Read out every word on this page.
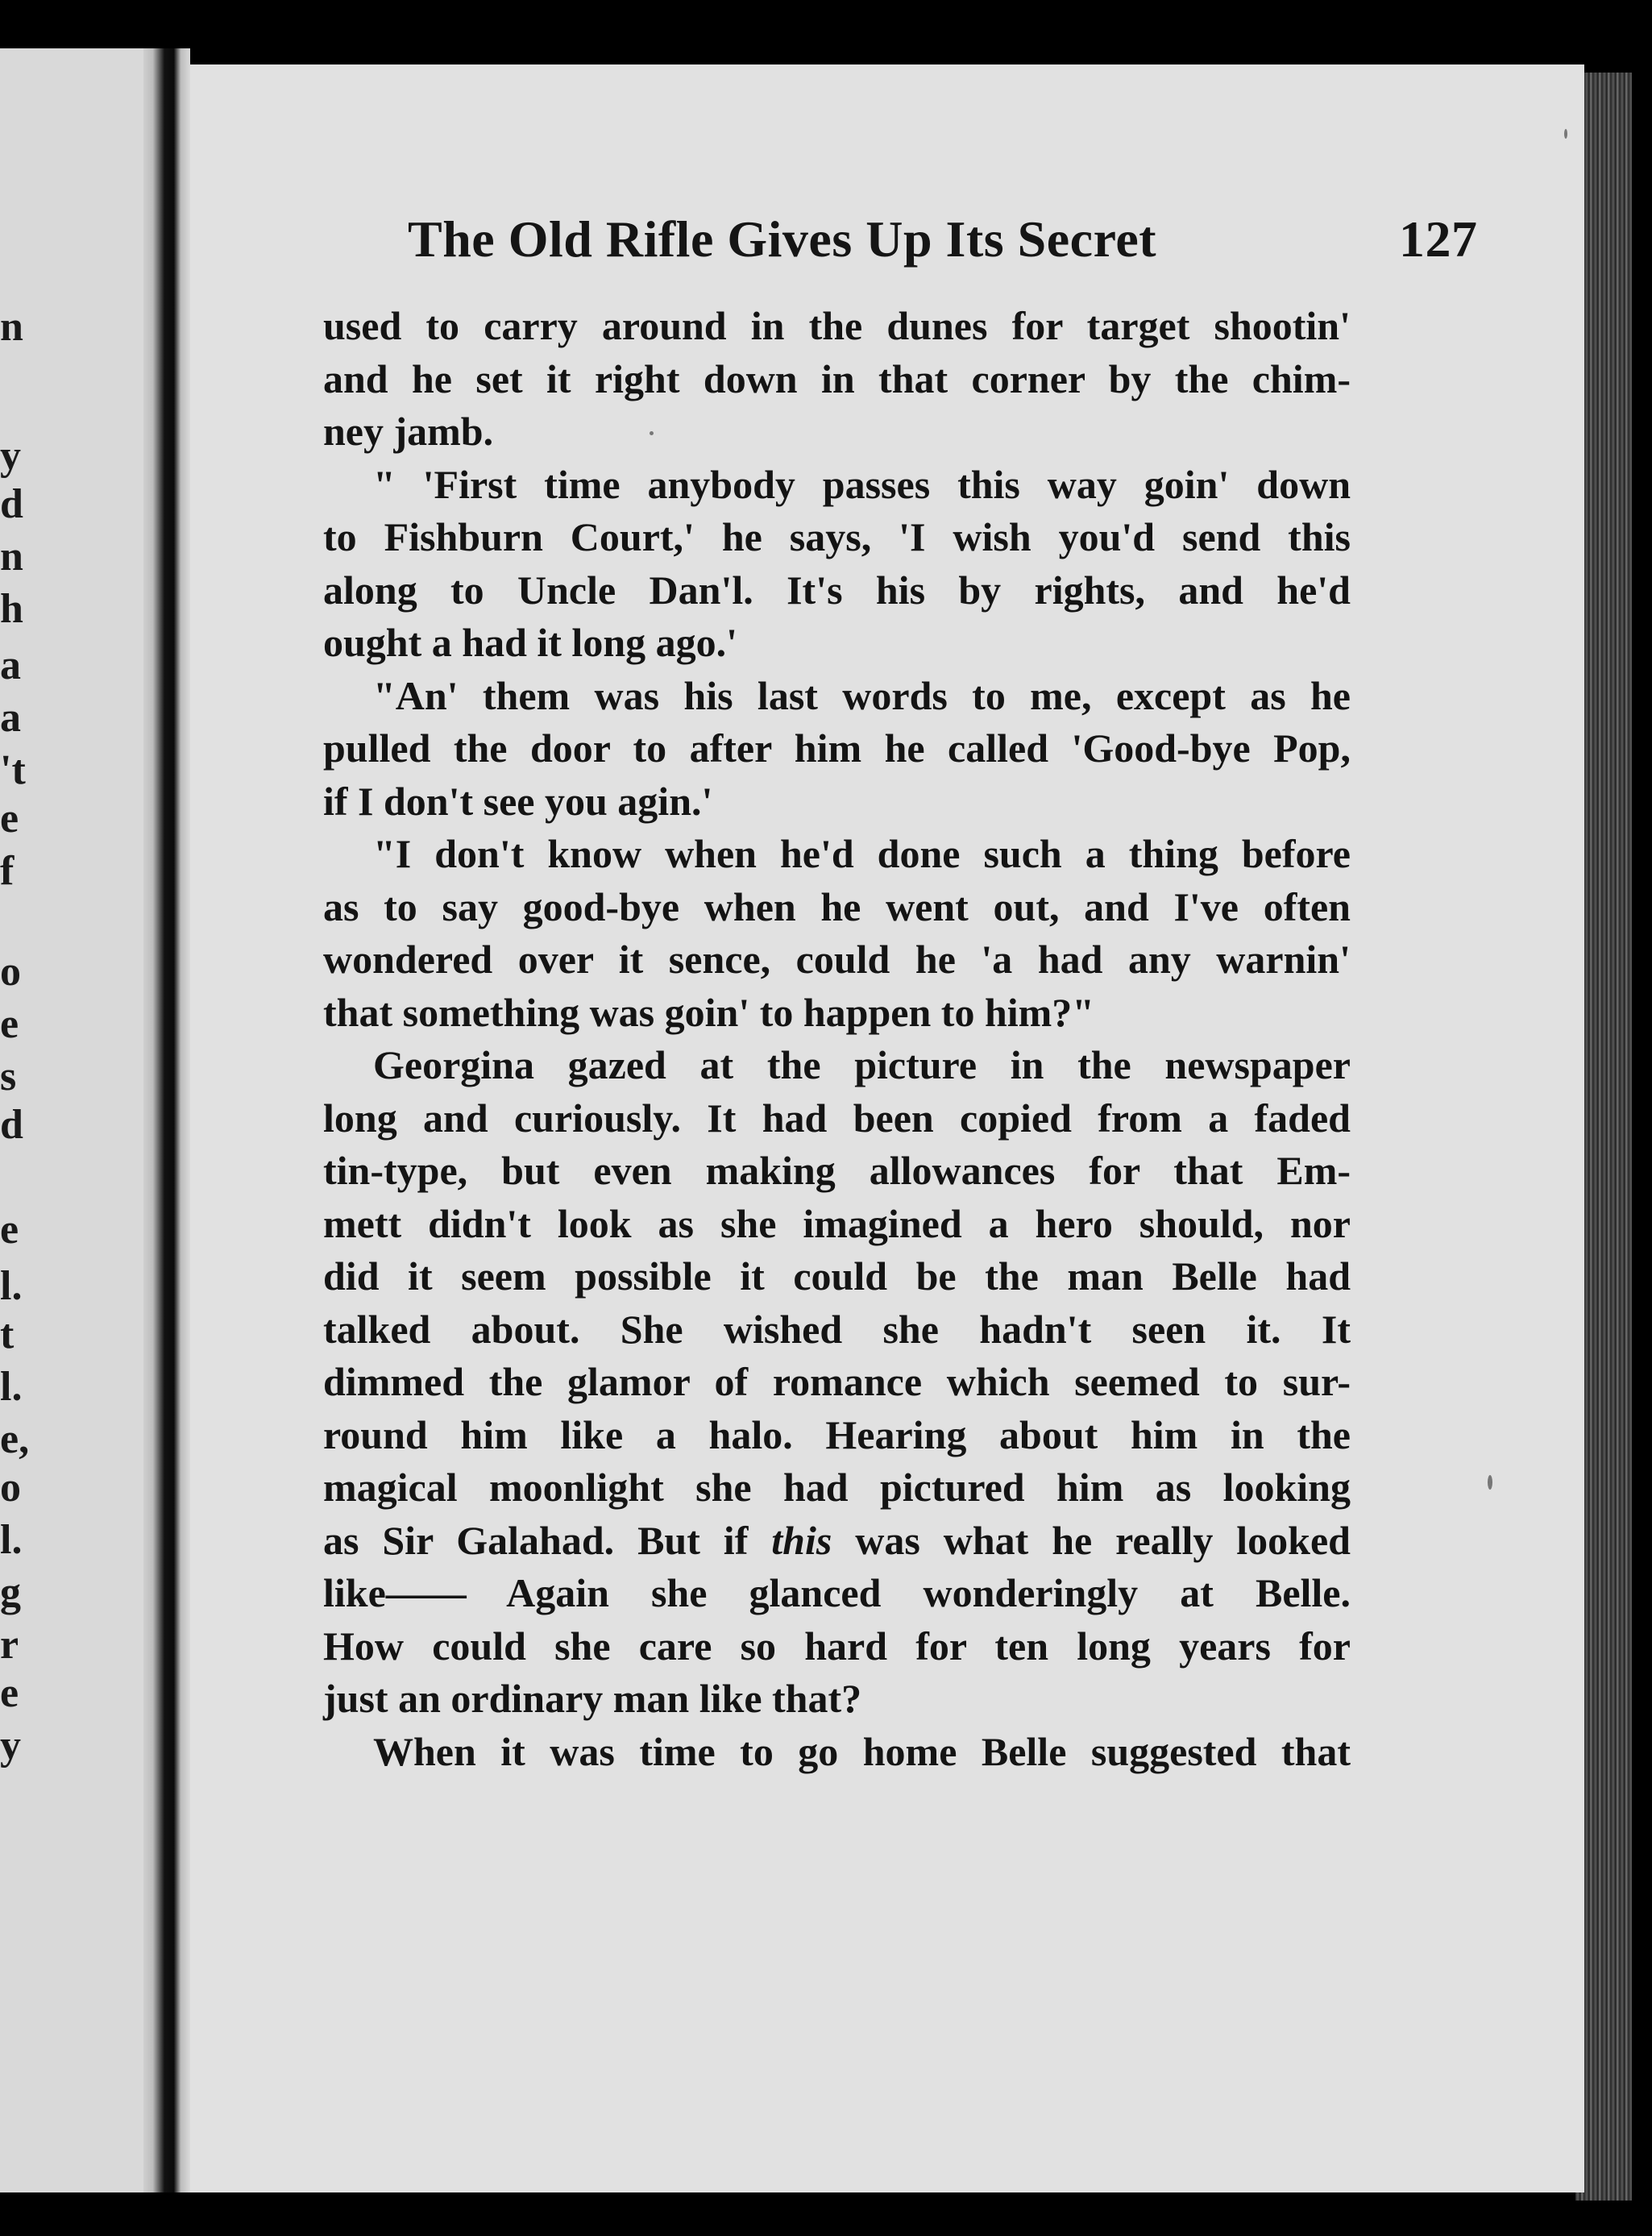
n
y
d
n
h
a
a
't
e
f
o
e
s
d
e
l.
t
l.
e,
o
l.
g
r
e
y
The Old Rifle Gives Up Its Secret	127

used to carry around in the dunes for target shootin'
and he set it right down in that corner by the chim-
ney jamb.

" 'First time anybody passes this way goin' down
to Fishburn Court,' he says, 'I wish you'd send this
along to Uncle Dan'l. It's his by rights, and he'd
ought a had it long ago.'

"An' them was his last words to me, except as he
pulled the door to after him he called 'Good-bye Pop,
if I don't see you agin.'

"I don't know when he'd done such a thing before
as to say good-bye when he went out, and I've often
wondered over it sence, could he 'a had any warnin'
that something was goin' to happen to him?"

Georgina gazed at the picture in the newspaper
long and curiously. It had been copied from a faded
tin-type, but even making allowances for that Em-
mett didn't look as she imagined a hero should, nor
did it seem possible it could be the man Belle had
talked about. She wished she hadn't seen it. It
dimmed the glamor of romance which seemed to sur-
round him like a halo. Hearing about him in the
magical moonlight she had pictured him as looking
as Sir Galahad. But if this was what he really looked
like—— Again she glanced wonderingly at Belle.
How could she care so hard for ten long years for
just an ordinary man like that?

When it was time to go home Belle suggested that
